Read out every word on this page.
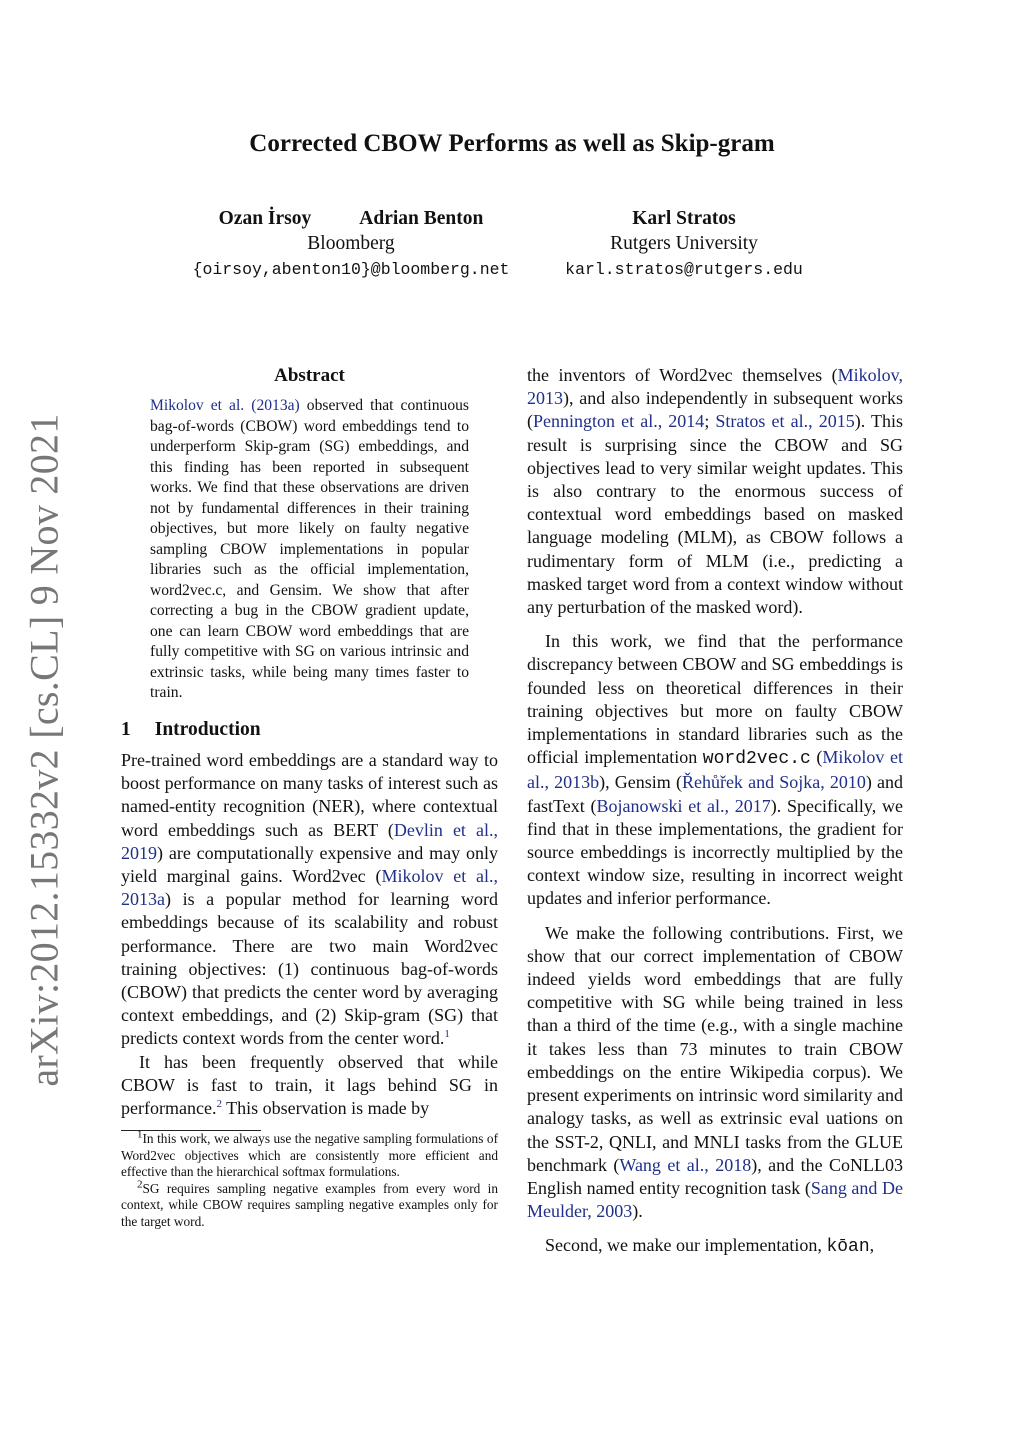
arXiv:2012.15332v2 [cs.CL] 9 Nov 2021
Corrected CBOW Performs as well as Skip-gram
Ozan İrsoy Adrian Benton
Bloomberg
{oirsoy,abenton10}@bloomberg.net
Karl Stratos
Rutgers University
karl.stratos@rutgers.edu
Abstract
Mikolov et al. (2013a) observed that continuous bag-of-words (CBOW) word embeddings tend to underperform Skip-gram (SG) embeddings, and this finding has been reported in subsequent works. We find that these observations are driven not by fundamental differences in their training objectives, but more likely on faulty negative sampling CBOW implementations in popular libraries such as the official implementation, word2vec.c, and Gensim. We show that after correcting a bug in the CBOW gradient update, one can learn CBOW word embeddings that are fully competitive with SG on various intrinsic and extrinsic tasks, while being many times faster to train.
1 Introduction

Pre-trained word embeddings are a standard way to boost performance on many tasks of interest such as named-entity recognition (NER), where contextual word embeddings such as BERT (Devlin et al., 2019) are computationally expensive and may only yield marginal gains. Word2vec (Mikolov et al., 2013a) is a popular method for learning word embeddings because of its scalability and robust performance. There are two main Word2vec training objectives: (1) continuous bag-of-words (CBOW) that predicts the center word by averaging context embeddings, and (2) Skip-gram (SG) that predicts context words from the center word.$^1$

It has been frequently observed that while CBOW is fast to train, it lags behind SG in performance.$^2$ This observation is made by

$^1$In this work, we always use the negative sampling formulations of Word2vec objectives which are consistently more efficient and effective than the hierarchical softmax formulations.

$^2$SG requires sampling negative examples from every word in context, while CBOW requires sampling negative examples only for the target word.

the inventors of Word2vec themselves (Mikolov, 2013), and also independently in subsequent works (Pennington et al., 2014; Stratos et al., 2015). This result is surprising since the CBOW and SG objectives lead to very similar weight updates. This is also contrary to the enormous success of contextual word embeddings based on masked language modeling (MLM), as CBOW follows a rudimentary form of MLM (i.e., predicting a masked target word from a context window without any perturbation of the masked word).

In this work, we find that the performance discrepancy between CBOW and SG embeddings is founded less on theoretical differences in their training objectives but more on faulty CBOW implementations in standard libraries such as the official implementation word2vec.c (Mikolov et al., 2013b), Gensim (Řehůřek and Sojka, 2010) and fastText (Bojanowski et al., 2017). Specifically, we find that in these implementations, the gradient for source embeddings is incorrectly multiplied by the context window size, resulting in incorrect weight updates and inferior performance.

We make the following contributions. First, we show that our correct implementation of CBOW indeed yields word embeddings that are fully competitive with SG while being trained in less than a third of the time (e.g., with a single machine it takes less than 73 minutes to train CBOW embeddings on the entire Wikipedia corpus). We present experiments on intrinsic word similarity and analogy tasks, as well as extrinsic eval uations on the SST-2, QNLI, and MNLI tasks from the GLUE benchmark (Wang et al., 2018), and the CoNLL03 English named entity recognition task (Sang and De Meulder, 2003).

Second, we make our implementation, kōan,
